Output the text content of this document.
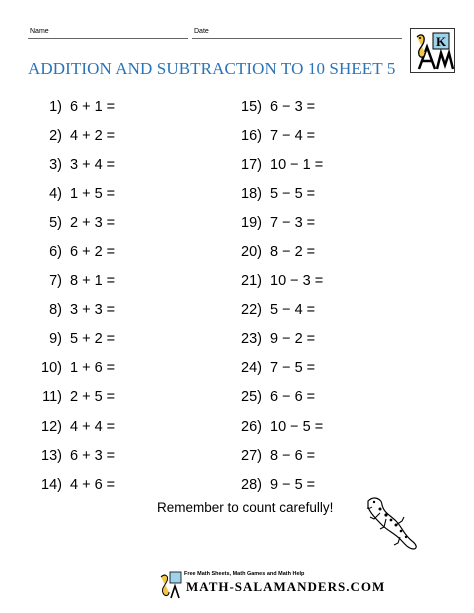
Name	Date
K
ADDITION AND SUBTRACTION TO 10 SHEET 5
1) 6 + 1 =
2) 4 + 2 =
3) 3 + 4 =
4) 1 + 5 =
5) 2 + 3 =
6) 6 + 2 =
7) 8 + 1 =
8) 3 + 3 =
9) 5 + 2 =
10) 1 + 6 =
11) 2 + 5 =
12) 4 + 4 =
13) 6 + 3 =
14) 4 + 6 =
15) 6 − 3 =
16) 7 − 4 =
17) 10 − 1 =
18) 5 − 5 =
19) 7 − 3 =
20) 8 − 2 =
21) 10 − 3 =
22) 5 − 4 =
23) 9 − 2 =
24) 7 − 5 =
25) 6 − 6 =
26) 10 − 5 =
27) 8 − 6 =
28) 9 − 5 =
Remember to count carefully!
Free Math Sheets, Math Games and Math Help
MATH-SALAMANDERS.COM
